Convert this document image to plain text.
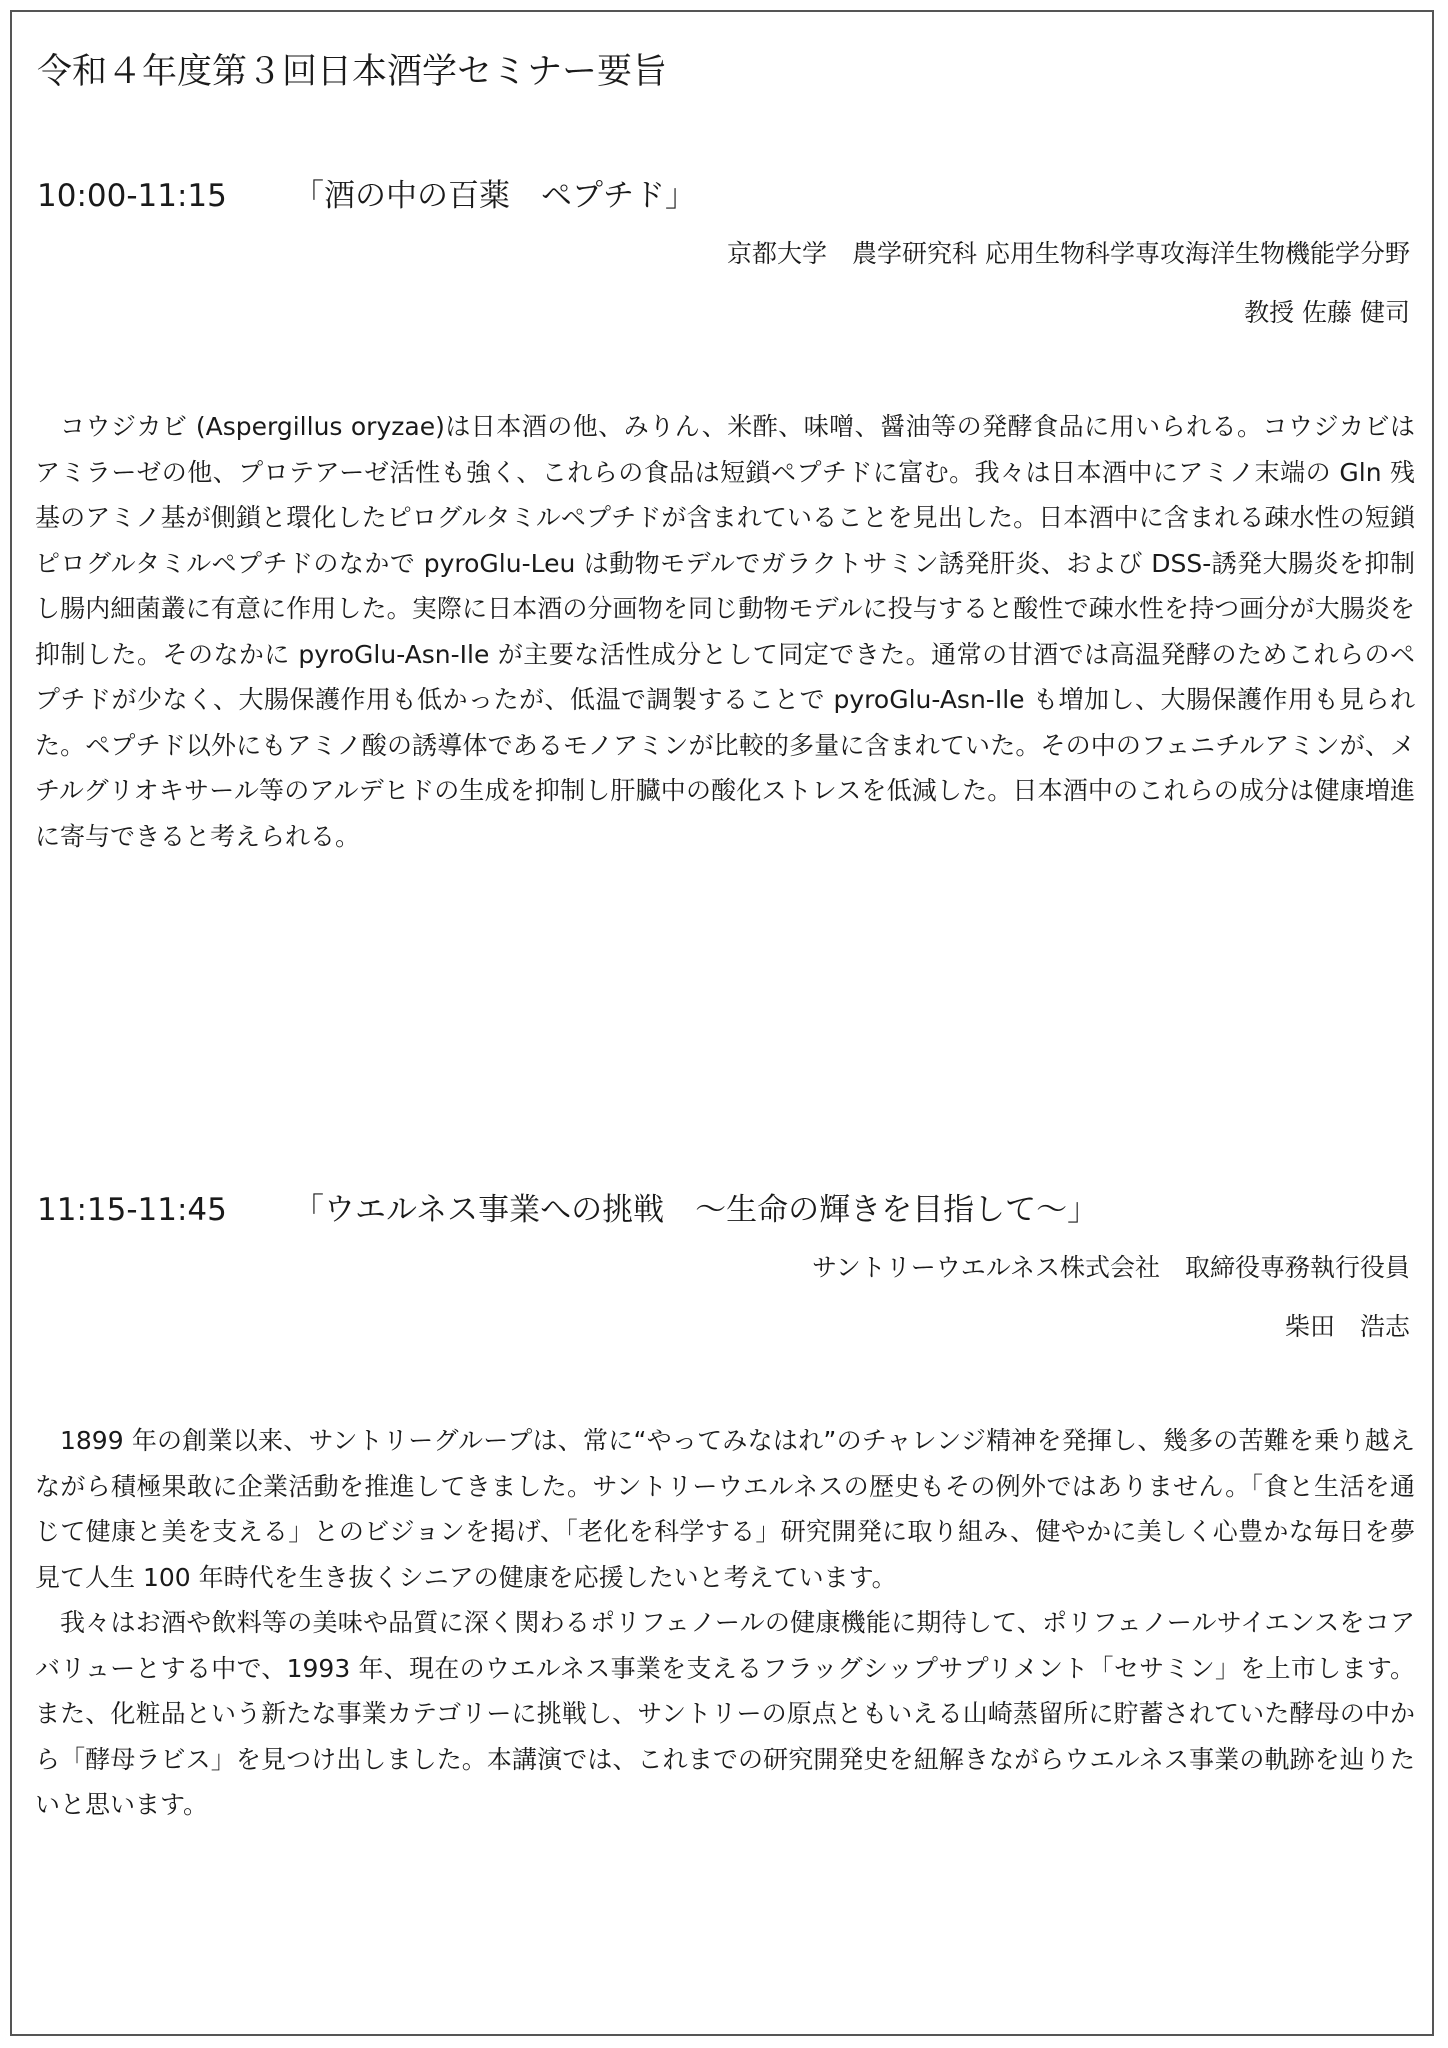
令和４年度第３回日本酒学セミナー要旨
10:00-11:15 「酒の中の百薬　ペプチド」
京都大学　農学研究科 応用生物科学専攻海洋生物機能学分野
教授 佐藤 健司

コウジカビ (Aspergillus oryzae)は日本酒の他、みりん、米酢、味噌、醤油等の発酵食品に用いられる。コウジカビはアミラーゼの他、プロテアーゼ活性も強く、これらの食品は短鎖ペプチドに富む。我々は日本酒中にアミノ末端の Gln 残基のアミノ基が側鎖と環化したピログルタミルペプチドが含まれていることを見出した。日本酒中に含まれる疎水性の短鎖ピログルタミルペプチドのなかで pyroGlu-Leu は動物モデルでガラクトサミン誘発肝炎、および DSS-誘発大腸炎を抑制し腸内細菌叢に有意に作用した。実際に日本酒の分画物を同じ動物モデルに投与すると酸性で疎水性を持つ画分が大腸炎を抑制した。そのなかに pyroGlu-Asn-Ile が主要な活性成分として同定できた。通常の甘酒では高温発酵のためこれらのペプチドが少なく、大腸保護作用も低かったが、低温で調製することで pyroGlu-Asn-Ile も増加し、大腸保護作用も見られた。ペプチド以外にもアミノ酸の誘導体であるモノアミンが比較的多量に含まれていた。その中のフェニチルアミンが、メチルグリオキサール等のアルデヒドの生成を抑制し肝臓中の酸化ストレスを低減した。日本酒中のこれらの成分は健康増進に寄与できると考えられる。

11:15-11:45 「ウエルネス事業への挑戦　～生命の輝きを目指して～」
サントリーウエルネス株式会社　取締役専務執行役員
柴田　浩志

1899 年の創業以来、サントリーグループは、常に“やってみなはれ”のチャレンジ精神を発揮し、幾多の苦難を乗り越えながら積極果敢に企業活動を推進してきました。サントリーウエルネスの歴史もその例外ではありません。「食と生活を通じて健康と美を支える」とのビジョンを掲げ、「老化を科学する」研究開発に取り組み、健やかに美しく心豊かな毎日を夢見て人生 100 年時代を生き抜くシニアの健康を応援したいと考えています。

我々はお酒や飲料等の美味や品質に深く関わるポリフェノールの健康機能に期待して、ポリフェノールサイエンスをコアバリューとする中で、1993 年、現在のウエルネス事業を支えるフラッグシップサプリメント「セサミン」を上市します。また、化粧品という新たな事業カテゴリーに挑戦し、サントリーの原点ともいえる山崎蒸留所に貯蓄されていた酵母の中から「酵母ラビス」を見つけ出しました。本講演では、これまでの研究開発史を紐解きながらウエルネス事業の軌跡を辿りたいと思います。
